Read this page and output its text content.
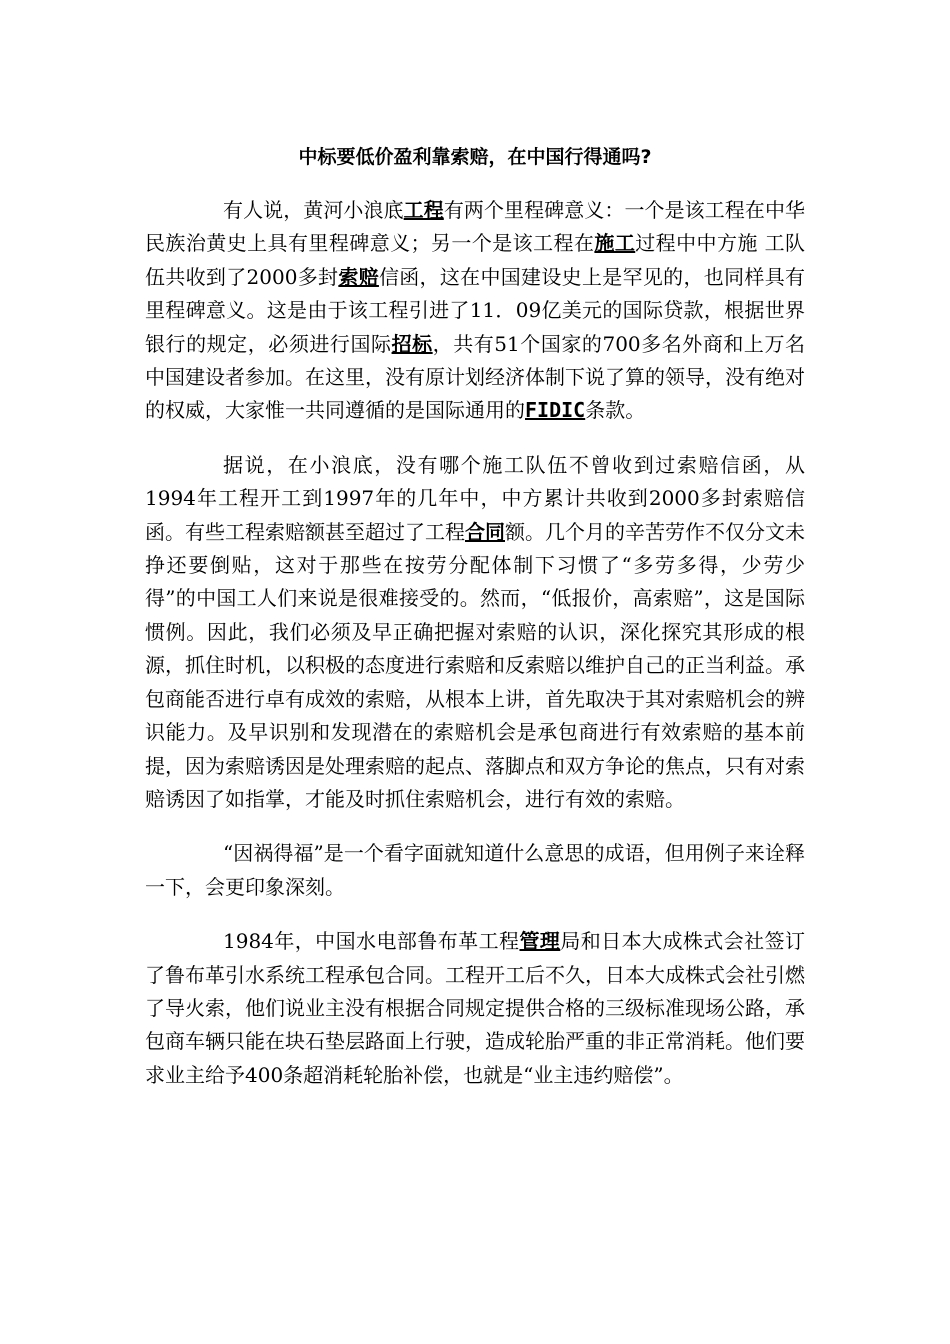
中标要低价盈利靠索赔，在中国行得通吗?

有人说，黄河小浪底工程有两个里程碑意义：一个是该工程在中华民族治黄史上具有里程碑意义；另一个是该工程在施工过程中中方施 工队伍共收到了2000多封索赔信函，这在中国建设史上是罕见的，也同样具有里程碑意义。这是由于该工程引进了11．09亿美元的国际贷款，根据世界银行的规定，必须进行国际招标，共有51个国家的700多名外商和上万名中国建设者参加。在这里，没有原计划经济体制下说了算的领导，没有绝对的权威，大家惟一共同遵循的是国际通用的FIDIC条款。

据说，在小浪底，没有哪个施工队伍不曾收到过索赔信函，从1994年工程开工到1997年的几年中，中方累计共收到2000多封索赔信函。有些工程索赔额甚至超过了工程合同额。几个月的辛苦劳作不仅分文未挣还要倒贴，这对于那些在按劳分配体制下习惯了“多劳多得，少劳少得”的中国工人们来说是很难接受的。然而，“低报价，高索赔”，这是国际惯例。因此，我们必须及早正确把握对索赔的认识，深化探究其形成的根源，抓住时机，以积极的态度进行索赔和反索赔以维护自己的正当利益。承包商能否进行卓有成效的索赔，从根本上讲，首先取决于其对索赔机会的辨识能力。及早识别和发现潜在的索赔机会是承包商进行有效索赔的基本前提，因为索赔诱因是处理索赔的起点、落脚点和双方争论的焦点，只有对索赔诱因了如指掌，才能及时抓住索赔机会，进行有效的索赔。

“因祸得福”是一个看字面就知道什么意思的成语，但用例子来诠释一下，会更印象深刻。

1984年，中国水电部鲁布革工程管理局和日本大成株式会社签订了鲁布革引水系统工程承包合同。工程开工后不久，日本大成株式会社引燃了导火索，他们说业主没有根据合同规定提供合格的三级标准现场公路，承包商车辆只能在块石垫层路面上行驶，造成轮胎严重的非正常消耗。他们要求业主给予400条超消耗轮胎补偿，也就是“业主违约赔偿”。
